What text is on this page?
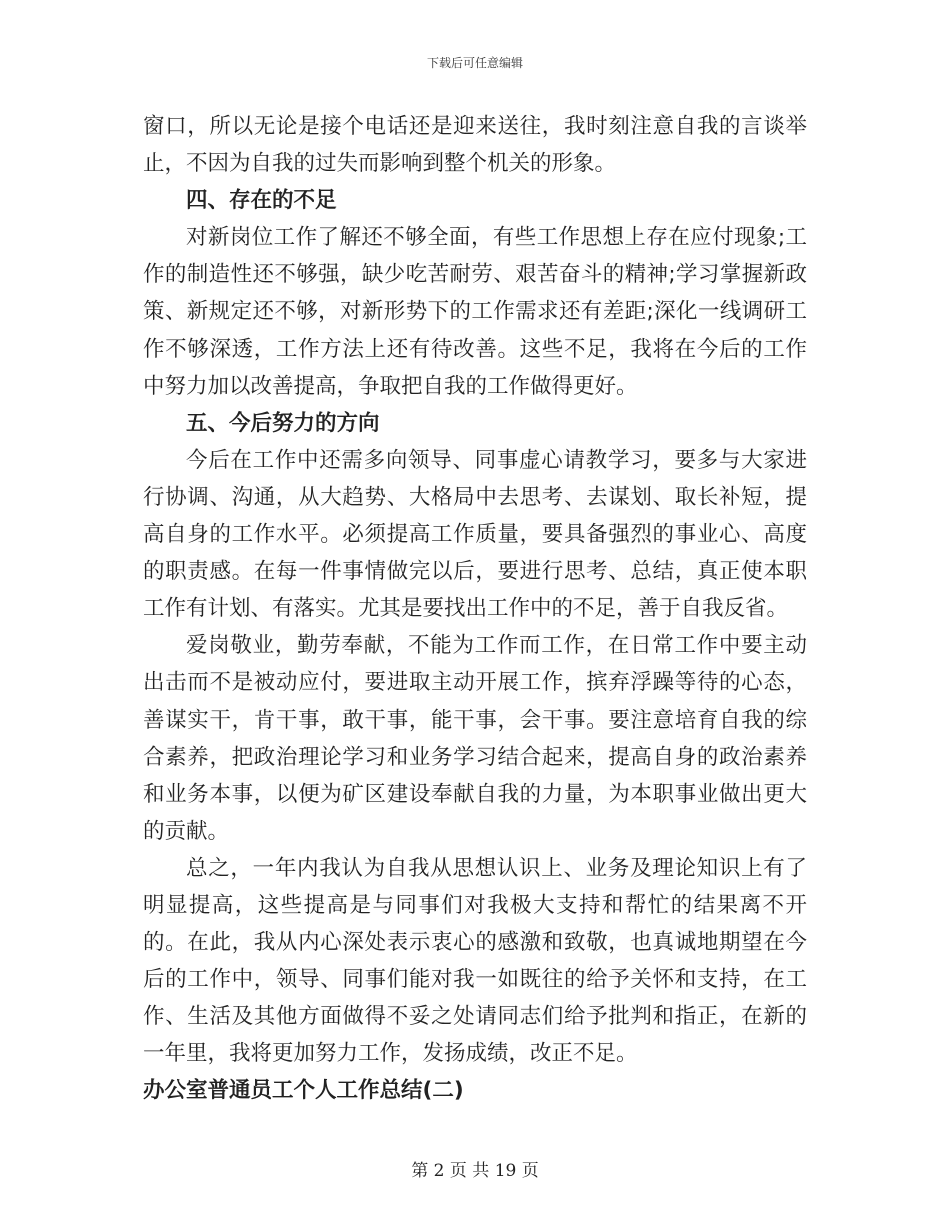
下载后可任意编辑

窗口，所以无论是接个电话还是迎来送往，我时刻注意自我的言谈举止，不因为自我的过失而影响到整个机关的形象。

四、存在的不足

对新岗位工作了解还不够全面，有些工作思想上存在应付现象;工作的制造性还不够强，缺少吃苦耐劳、艰苦奋斗的精神;学习掌握新政策、新规定还不够，对新形势下的工作需求还有差距;深化一线调研工作不够深透，工作方法上还有待改善。这些不足，我将在今后的工作中努力加以改善提高，争取把自我的工作做得更好。

五、今后努力的方向

今后在工作中还需多向领导、同事虚心请教学习，要多与大家进行协调、沟通，从大趋势、大格局中去思考、去谋划、取长补短，提高自身的工作水平。必须提高工作质量，要具备强烈的事业心、高度的职责感。在每一件事情做完以后，要进行思考、总结，真正使本职工作有计划、有落实。尤其是要找出工作中的不足，善于自我反省。

爱岗敬业，勤劳奉献，不能为工作而工作，在日常工作中要主动出击而不是被动应付，要进取主动开展工作，摈弃浮躁等待的心态，善谋实干，肯干事，敢干事，能干事，会干事。要注意培育自我的综合素养，把政治理论学习和业务学习结合起来，提高自身的政治素养和业务本事，以便为矿区建设奉献自我的力量，为本职事业做出更大的贡献。

总之，一年内我认为自我从思想认识上、业务及理论知识上有了明显提高，这些提高是与同事们对我极大支持和帮忙的结果离不开的。在此，我从内心深处表示衷心的感激和致敬，也真诚地期望在今后的工作中，领导、同事们能对我一如既往的给予关怀和支持，在工作、生活及其他方面做得不妥之处请同志们给予批判和指正，在新的一年里，我将更加努力工作，发扬成绩，改正不足。

办公室普通员工个人工作总结(二)

第 2 页 共 19 页
